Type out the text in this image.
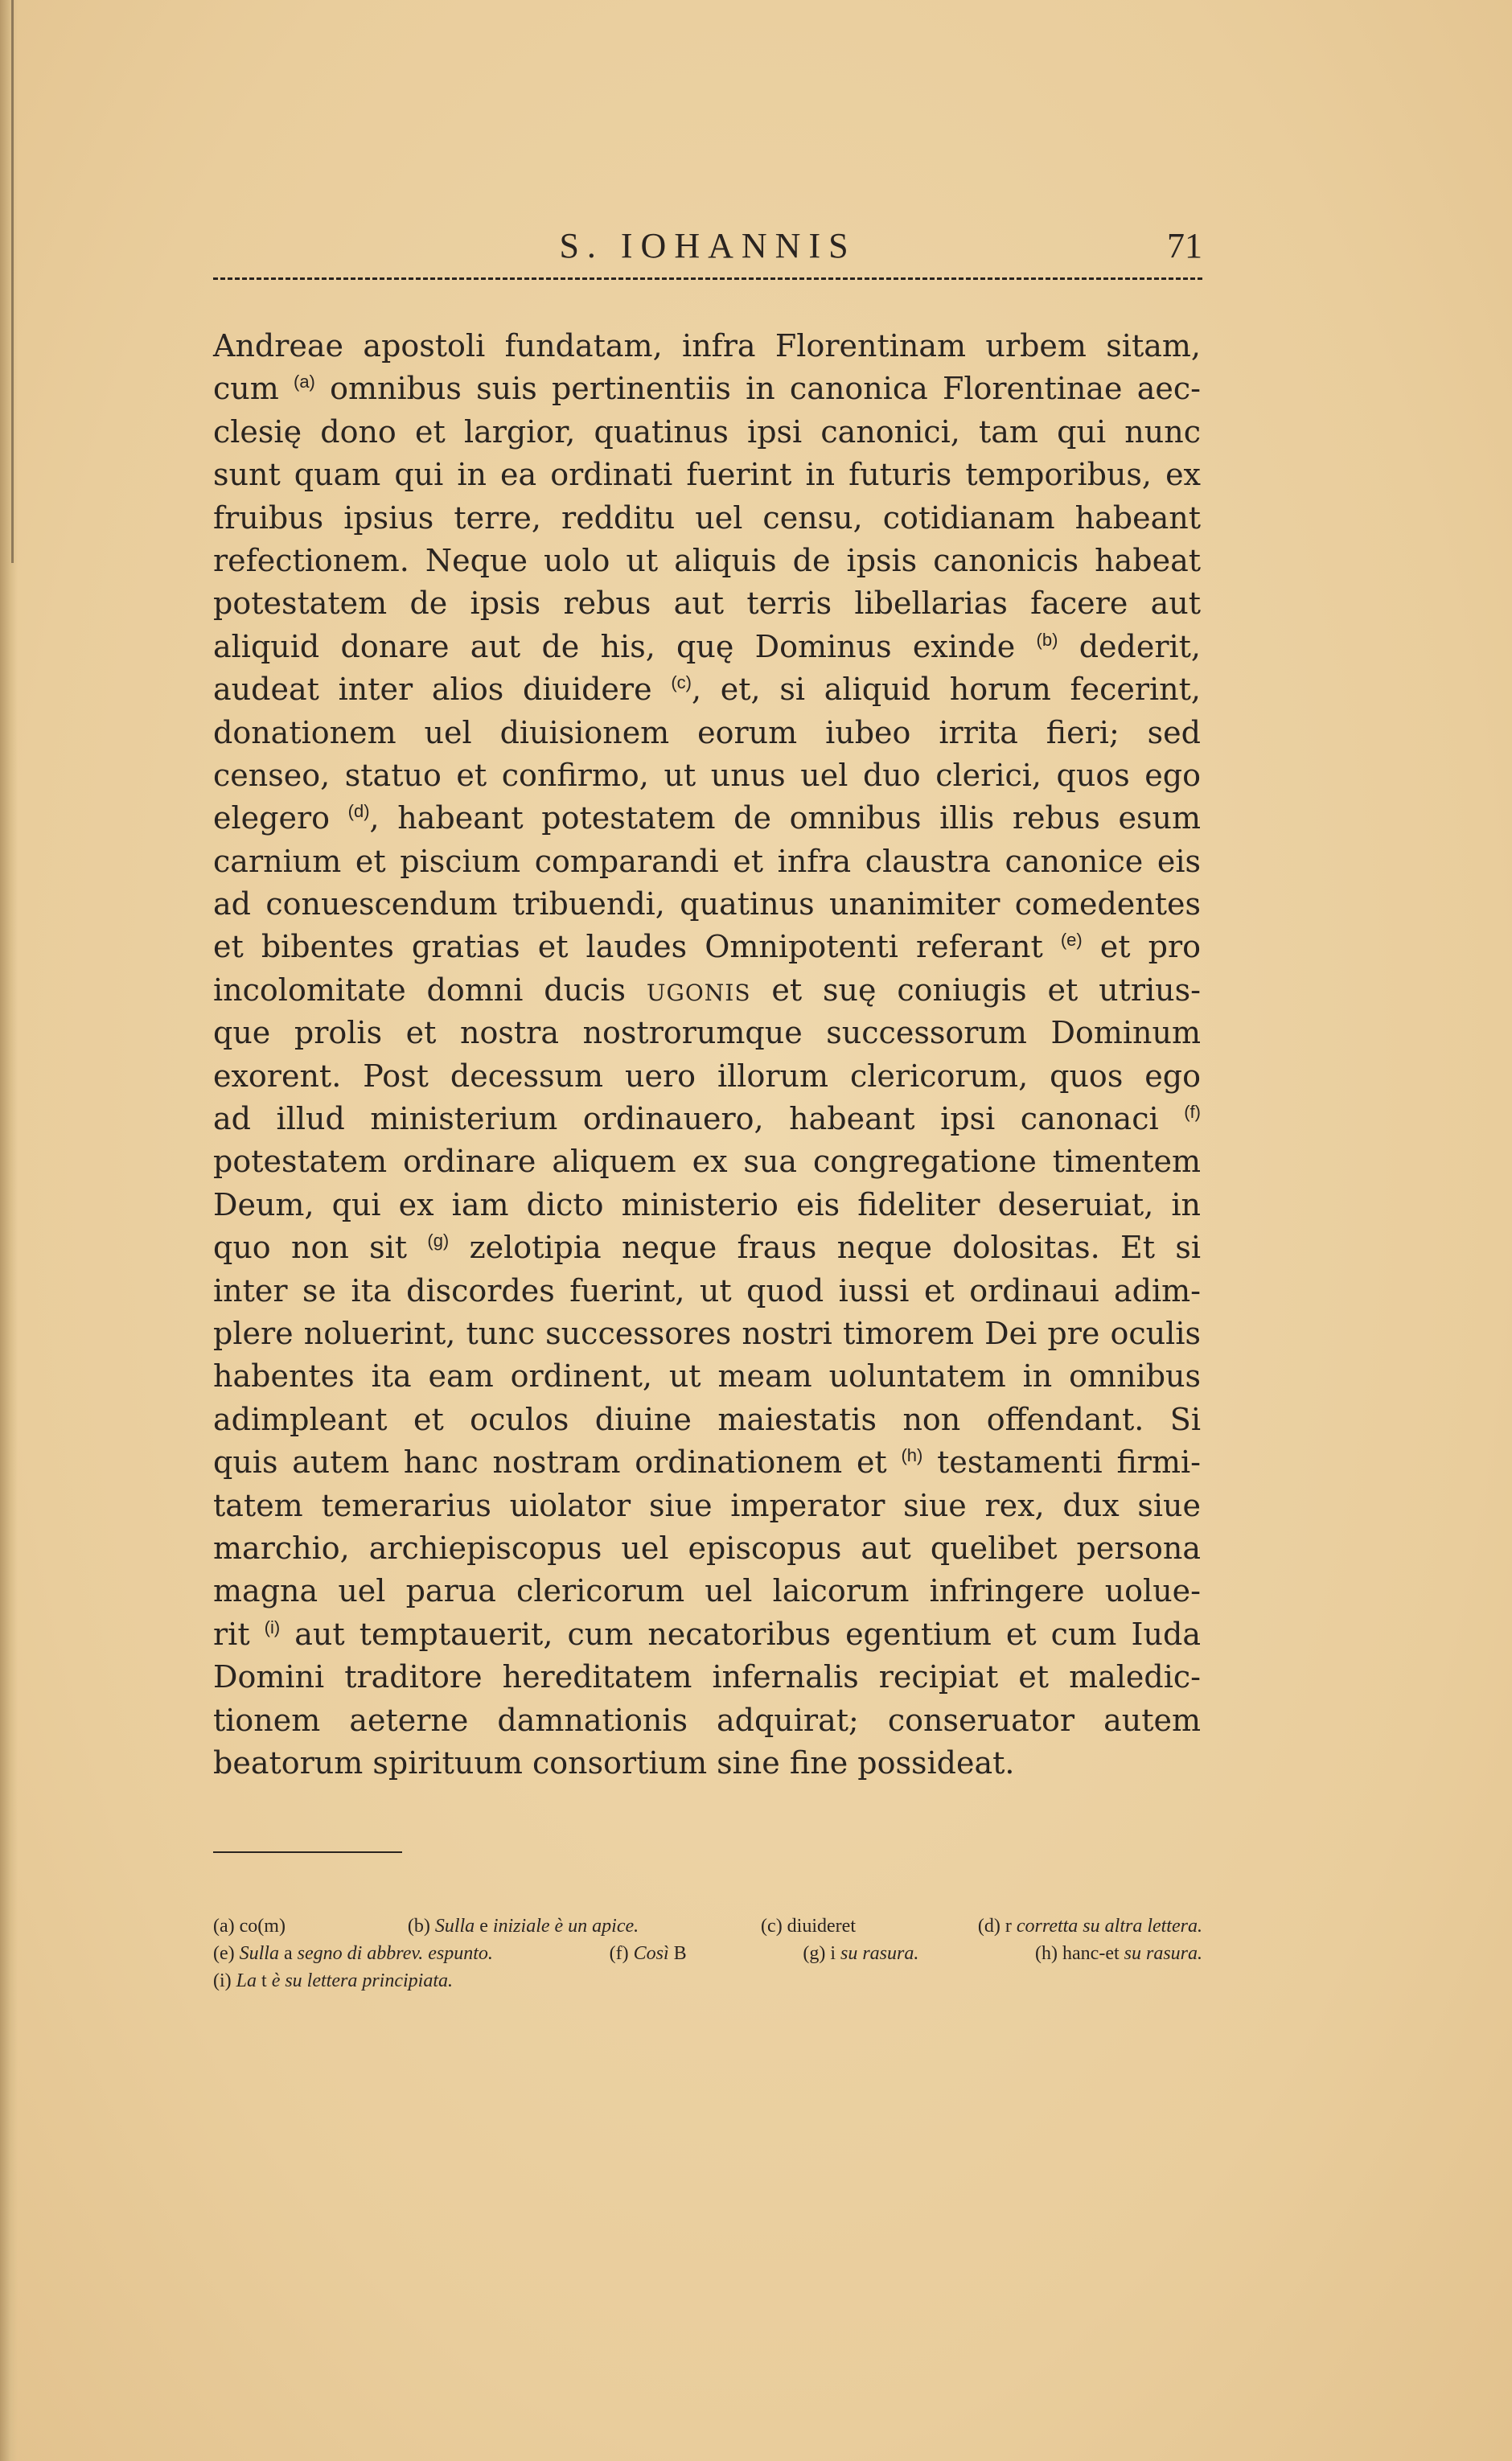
S. IOHANNIS	71
Andreae apostoli fundatam, infra Florentinam urbem sitam,
cum $^{(a)}$ omnibus suis pertinentiis in canonica Florentinae aec-
clesię dono et largior, quatinus ipsi canonici, tam qui nunc
sunt quam qui in ea ordinati fuerint in futuris temporibus, ex
fruibus ipsius terre, redditu uel censu, cotidianam habeant
refectionem. Neque uolo ut aliquis de ipsis canonicis habeat
potestatem de ipsis rebus aut terris libellarias facere aut
aliquid donare aut de his, quę Dominus exinde $^{(b)}$ dederit,
audeat inter alios diuidere $^{(c)}$, et, si aliquid horum fecerint,
donationem uel diuisionem eorum iubeo irrita fieri; sed
censeo, statuo et confirmo, ut unus uel duo clerici, quos ego
elegero $^{(d)}$, habeant potestatem de omnibus illis rebus esum
carnium et piscium comparandi et infra claustra canonice eis
ad conuescendum tribuendi, quatinus unanimiter comedentes
et bibentes gratias et laudes Omnipotenti referant $^{(e)}$ et pro
incolomitate domni ducis UGONIS et suę coniugis et utrius-
que prolis et nostra nostrorumque successorum Dominum
exorent. Post decessum uero illorum clericorum, quos ego
ad illud ministerium ordinauero, habeant ipsi canonaci $^{(f)}$
potestatem ordinare aliquem ex sua congregatione timentem
Deum, qui ex iam dicto ministerio eis fideliter deseruiat, in
quo non sit $^{(g)}$ zelotipia neque fraus neque dolositas. Et si
inter se ita discordes fuerint, ut quod iussi et ordinaui adim-
plere noluerint, tunc successores nostri timorem Dei pre oculis
habentes ita eam ordinent, ut meam uoluntatem in omnibus
adimpleant et oculos diuine maiestatis non offendant. Si
quis autem hanc nostram ordinationem et $^{(h)}$ testamenti firmi-
tatem temerarius uiolator siue imperator siue rex, dux siue
marchio, archiepiscopus uel episcopus aut quelibet persona
magna uel parua clericorum uel laicorum infringere uolue-
rit $^{(i)}$ aut temptauerit, cum necatoribus egentium et cum Iuda
Domini traditore hereditatem infernalis recipiat et maledic-
tionem aeterne damnationis adquirat; conseruator autem
beatorum spirituum consortium sine fine possideat.
(a) co(m)	(b) Sulla e iniziale è un apice.	(c) diuideret	(d) r corretta su altra lettera.
(e) Sulla a segno di abbrev. espunto.	(f) Così B	(g) i su rasura.	(h) hanc-et su rasura.
(i) La t è su lettera principiata.
